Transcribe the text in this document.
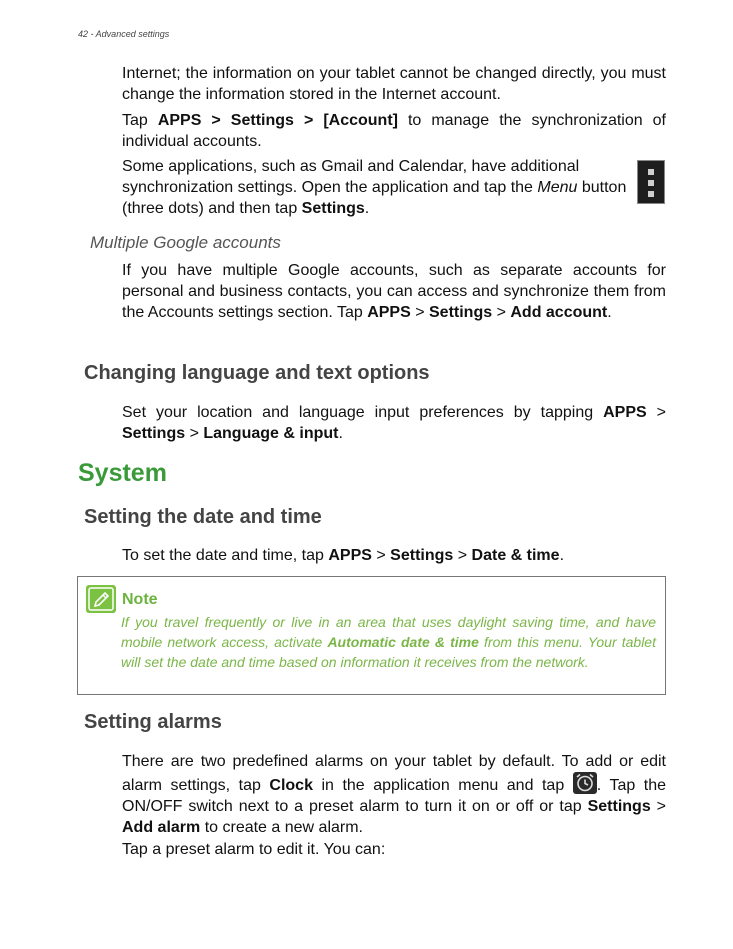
42 - Advanced settings

Internet; the information on your tablet cannot be changed directly, you must change the information stored in the Internet account.

Tap APPS > Settings > [Account] to manage the synchronization of individual accounts.

Some applications, such as Gmail and Calendar, have additional synchronization settings. Open the application and tap the Menu button (three dots) and then tap Settings.

Multiple Google accounts

If you have multiple Google accounts, such as separate accounts for personal and business contacts, you can access and synchronize them from the Accounts settings section. Tap APPS > Settings > Add account.

Changing language and text options

Set your location and language input preferences by tapping APPS > Settings > Language & input.

System
Setting the date and time

To set the date and time, tap APPS > Settings > Date & time.

Note
If you travel frequently or live in an area that uses daylight saving time, and have mobile network access, activate Automatic date & time from this menu. Your tablet will set the date and time based on information it receives from the network.
Setting alarms

There are two predefined alarms on your tablet by default. To add or edit alarm settings, tap Clock in the application menu and tap . Tap the ON/OFF switch next to a preset alarm to turn it on or off or tap Settings > Add alarm to create a new alarm.

Tap a preset alarm to edit it. You can:
